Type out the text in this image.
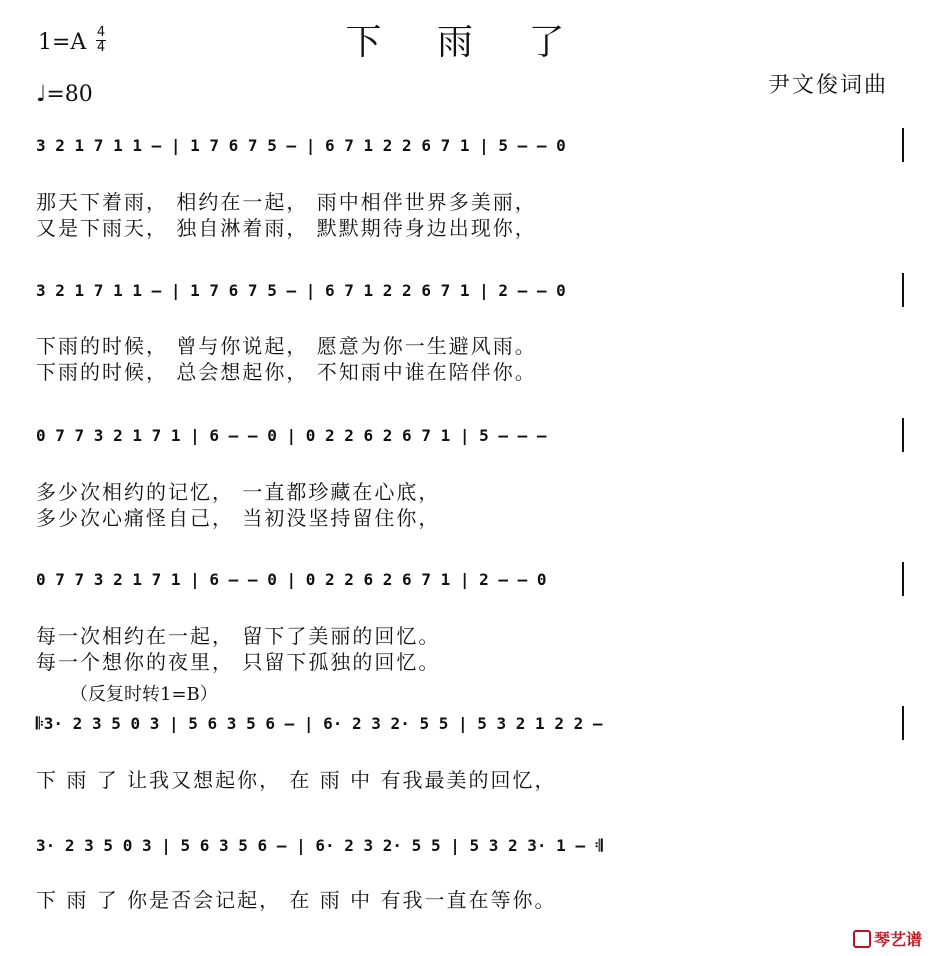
下 雨 了
1=A 4
4
♩=80	尹文俊词曲
3 2 1 7 1 1 – | 1 7 6 7 5 – | 6 7 1 2 2 6 7 1 | 5 – – 0
那天下着雨， 相约在一起， 雨中相伴世界多美丽，
又是下雨天， 独自淋着雨， 默默期待身边出现你，
3 2 1 7 1 1 – | 1 7 6 7 5 – | 6 7 1 2 2 6 7 1 | 2 – – 0
下雨的时候， 曾与你说起， 愿意为你一生避风雨。
下雨的时候， 总会想起你， 不知雨中谁在陪伴你。
0 7 7 3 2 1 7 1 | 6 – – 0 | 0 2 2 6 2 6 7 1 | 5 – – –
多少次相约的记忆， 一直都珍藏在心底，
多少次心痛怪自己， 当初没坚持留住你，
0 7 7 3 2 1 7 1 | 6 – – 0 | 0 2 2 6 2 6 7 1 | 2 – – 0
每一次相约在一起， 留下了美丽的回忆。
每一个想你的夜里， 只留下孤独的回忆。
（反复时转1=B）
𝄆3· 2 3 5 0 3 | 5 6 3 5 6 – | 6· 2 3 2· 5 5 | 5 3 2 1 2 2 –
下 雨 了 让我又想起你， 在 雨 中 有我最美的回忆，
3· 2 3 5 0 3 | 5 6 3 5 6 – | 6· 2 3 2· 5 5 | 5 3 2 3· 1 – 𝄇
下 雨 了 你是否会记起， 在 雨 中 有我一直在等你。
琴艺谱
